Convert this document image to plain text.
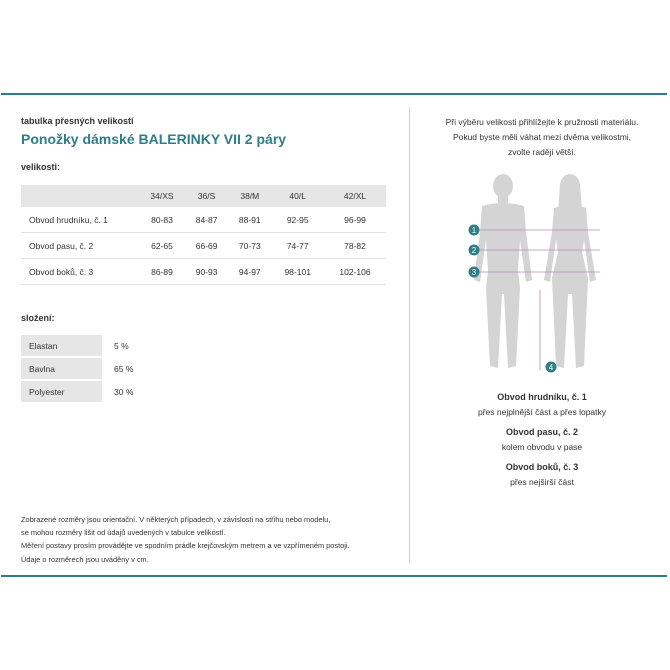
tabulka přesných velikostí
Ponožky dámské BALERINKY VII 2 páry
velikosti:
	34/XS	36/S	38/M	40/L	42/XL
Obvod hrudníku, č. 1	80-83	84-87	88-91	92-95	96-99
Obvod pasu, č. 2	62-65	66-69	70-73	74-77	78-82
Obvod boků, č. 3	86-89	90-93	94-97	98-101	102-106
složení:
Elastan	5 %
Bavlna	65 %
Polyester	30 %
Zobrazené rozměry jsou orientační. V některých případech, v závislosti na střihu nebo modelu,
se mohou rozměry lišit od údajů uvedených v tabulce velikostí.
Měření postavy prosím provádějte ve spodním prádle krejčovským metrem a ve vzpřímeném postoji.
Údaje o rozměrech jsou uváděny v cm.
Při výběru velikosti přihlížejte k pružnosti materiálu.
Pokud byste měli váhat mezi dvěma velikostmi,
zvolte raději větší.
1
2
3
4
Obvod hrudníku, č. 1
přes nejplnější část a přes lopatky
Obvod pasu, č. 2
kolem obvodu v pase
Obvod boků, č. 3
přes nejširší část
